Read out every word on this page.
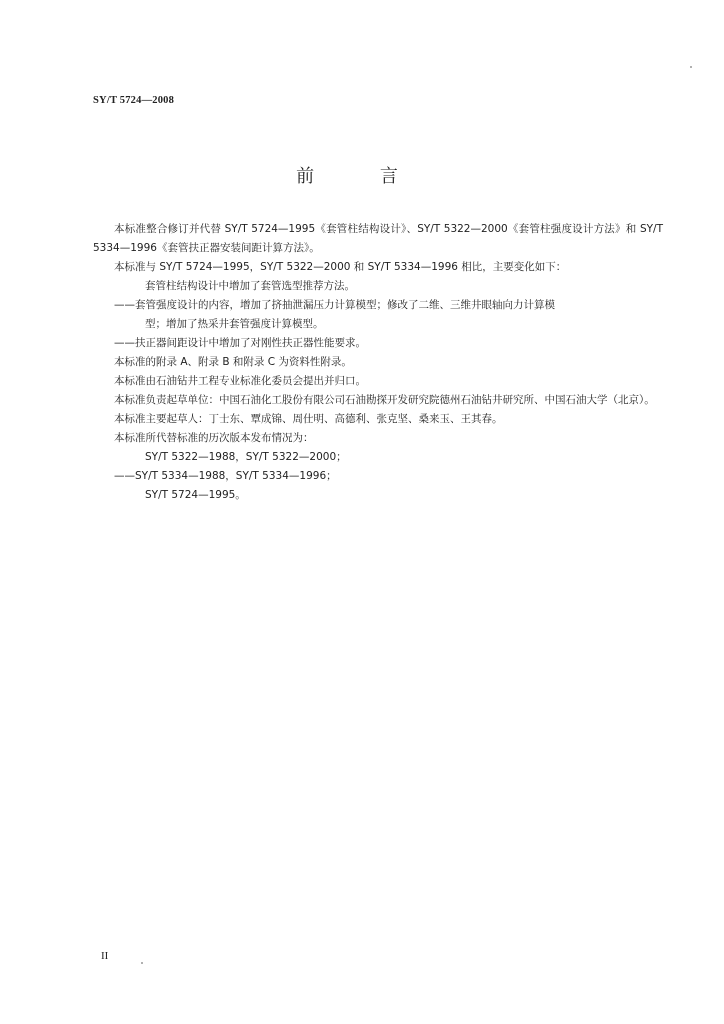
SY/T 5724—2008
前 言

本标准整合修订并代替 SY/T 5724—1995《套管柱结构设计》、SY/T 5322—2000《套管柱强度设计方法》和 SY/T 5334—1996《套管扶正器安装间距计算方法》。

本标准与 SY/T 5724—1995，SY/T 5322—2000 和 SY/T 5334—1996 相比，主要变化如下：

套管柱结构设计中增加了套管选型推荐方法。

——套管强度设计的内容，增加了挤抽泄漏压力计算模型；修改了二维、三维井眼轴向力计算模

型；增加了热采井套管强度计算模型。

——扶正器间距设计中增加了对刚性扶正器性能要求。

本标准的附录 A、附录 B 和附录 C 为资料性附录。

本标准由石油钻井工程专业标准化委员会提出并归口。

本标准负责起草单位：中国石油化工股份有限公司石油勘探开发研究院德州石油钻井研究所、中国石油大学（北京）。

本标准主要起草人：丁士东、覃成锦、周仕明、高德利、张克坚、桑来玉、王其春。

本标准所代替标准的历次版本发布情况为：

SY/T 5322—1988，SY/T 5322—2000；

——SY/T 5334—1988，SY/T 5334—1996；

SY/T 5724—1995。

II
